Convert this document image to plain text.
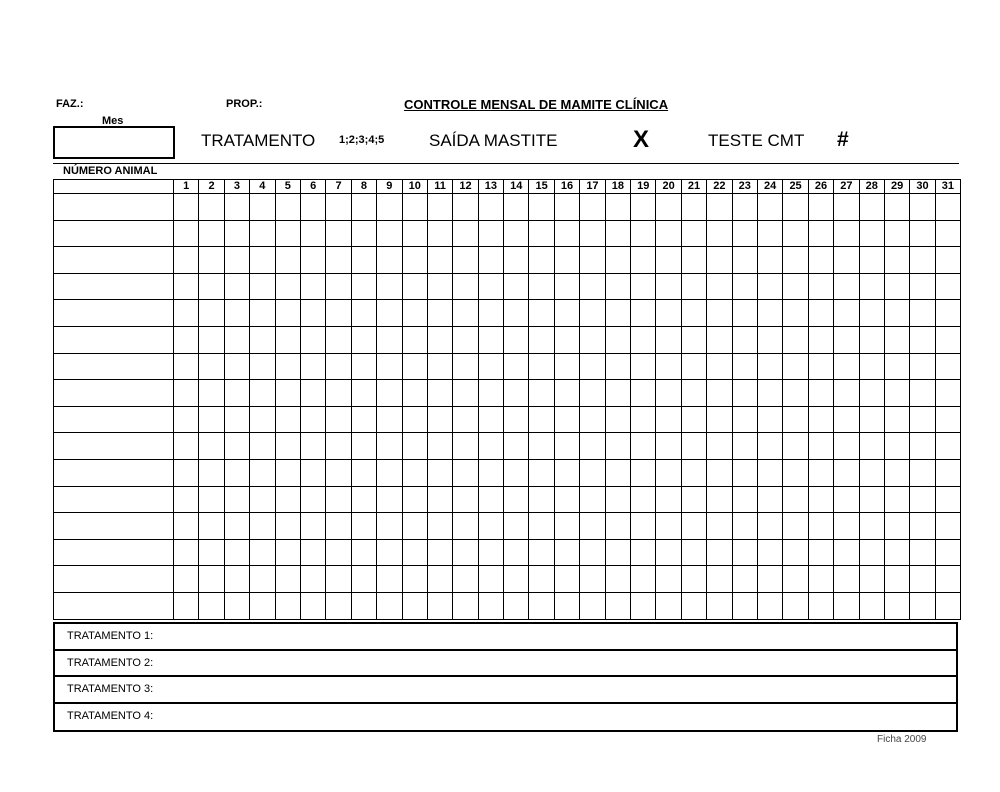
FAZ.:	PROP.:	CONTROLE MENSAL DE MAMITE CLÍNICA
Mes
TRATAMENTO 1;2;3;4;5	SAÍDA MASTITE	X	TESTE CMT #
NÚMERO ANIMAL
	1	2	3	4	5	6	7	8	9	10	11	12	13	14	15	16	17	18	19	20	21	22	23	24	25	26	27	28	29	30	31

TRATAMENTO 1:
TRATAMENTO 2:
TRATAMENTO 3:
TRATAMENTO 4:
Ficha 2009
